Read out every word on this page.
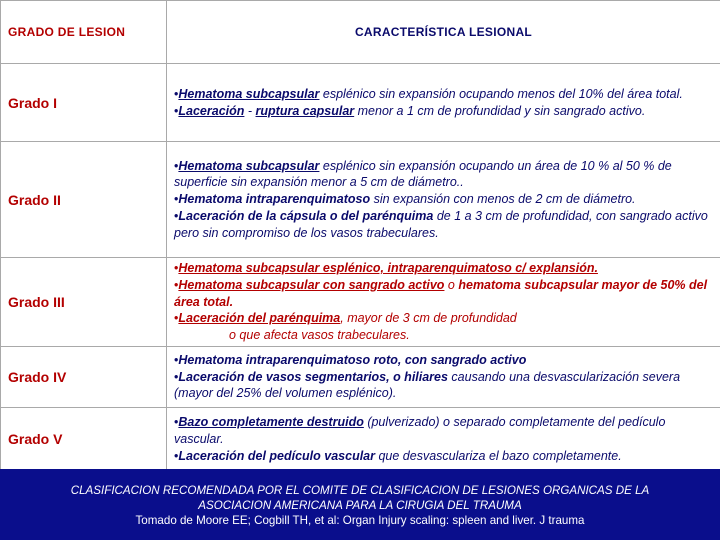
GRADO DE LESION	CARACTERÍSTICA LESIONAL
Grado I	•Hematoma subcapsular esplénico sin expansión ocupando menos del 10% del área total.

•Laceración - ruptura capsular menor a 1 cm de profundidad y sin sangrado activo.

Grado II	•Hematoma subcapsular esplénico sin expansión ocupando un área de 10 % al 50 % de superficie sin expansión menor a 5 cm de diámetro..

•Hematoma intraparenquimatoso sin expansión con menos de 2 cm de diámetro.

•Laceración de la cápsula o del parénquima de 1 a 3 cm de profundidad, con sangrado activo pero sin compromiso de los vasos trabeculares.

Grado III	•Hematoma subcapsular esplénico, intraparenquimatoso c/ explansión.

•Hematoma subcapsular con sangrado activo o hematoma subcapsular mayor de 50% del área total.

•Laceración del parénquima, mayor de 3 cm de profundidad

o que afecta vasos trabeculares.

Grado IV	•Hematoma intraparenquimatoso roto, con sangrado activo

•Laceración de vasos segmentarios, o hiliares causando una desvascularización severa (mayor del 25% del volumen esplénico).

Grado V	•Bazo completamente destruido (pulverizado) o separado completamente del pedículo vascular.

•Laceración del pedículo vascular que desvasculariza el bazo completamente.

CLASIFICACION RECOMENDADA POR EL COMITE DE CLASIFICACION DE LESIONES ORGANICAS DE LA
ASOCIACION AMERICANA PARA LA CIRUGIA DEL TRAUMA
Tomado de Moore EE; Cogbill TH, et al: Organ Injury scaling: spleen and liver. J trauma
